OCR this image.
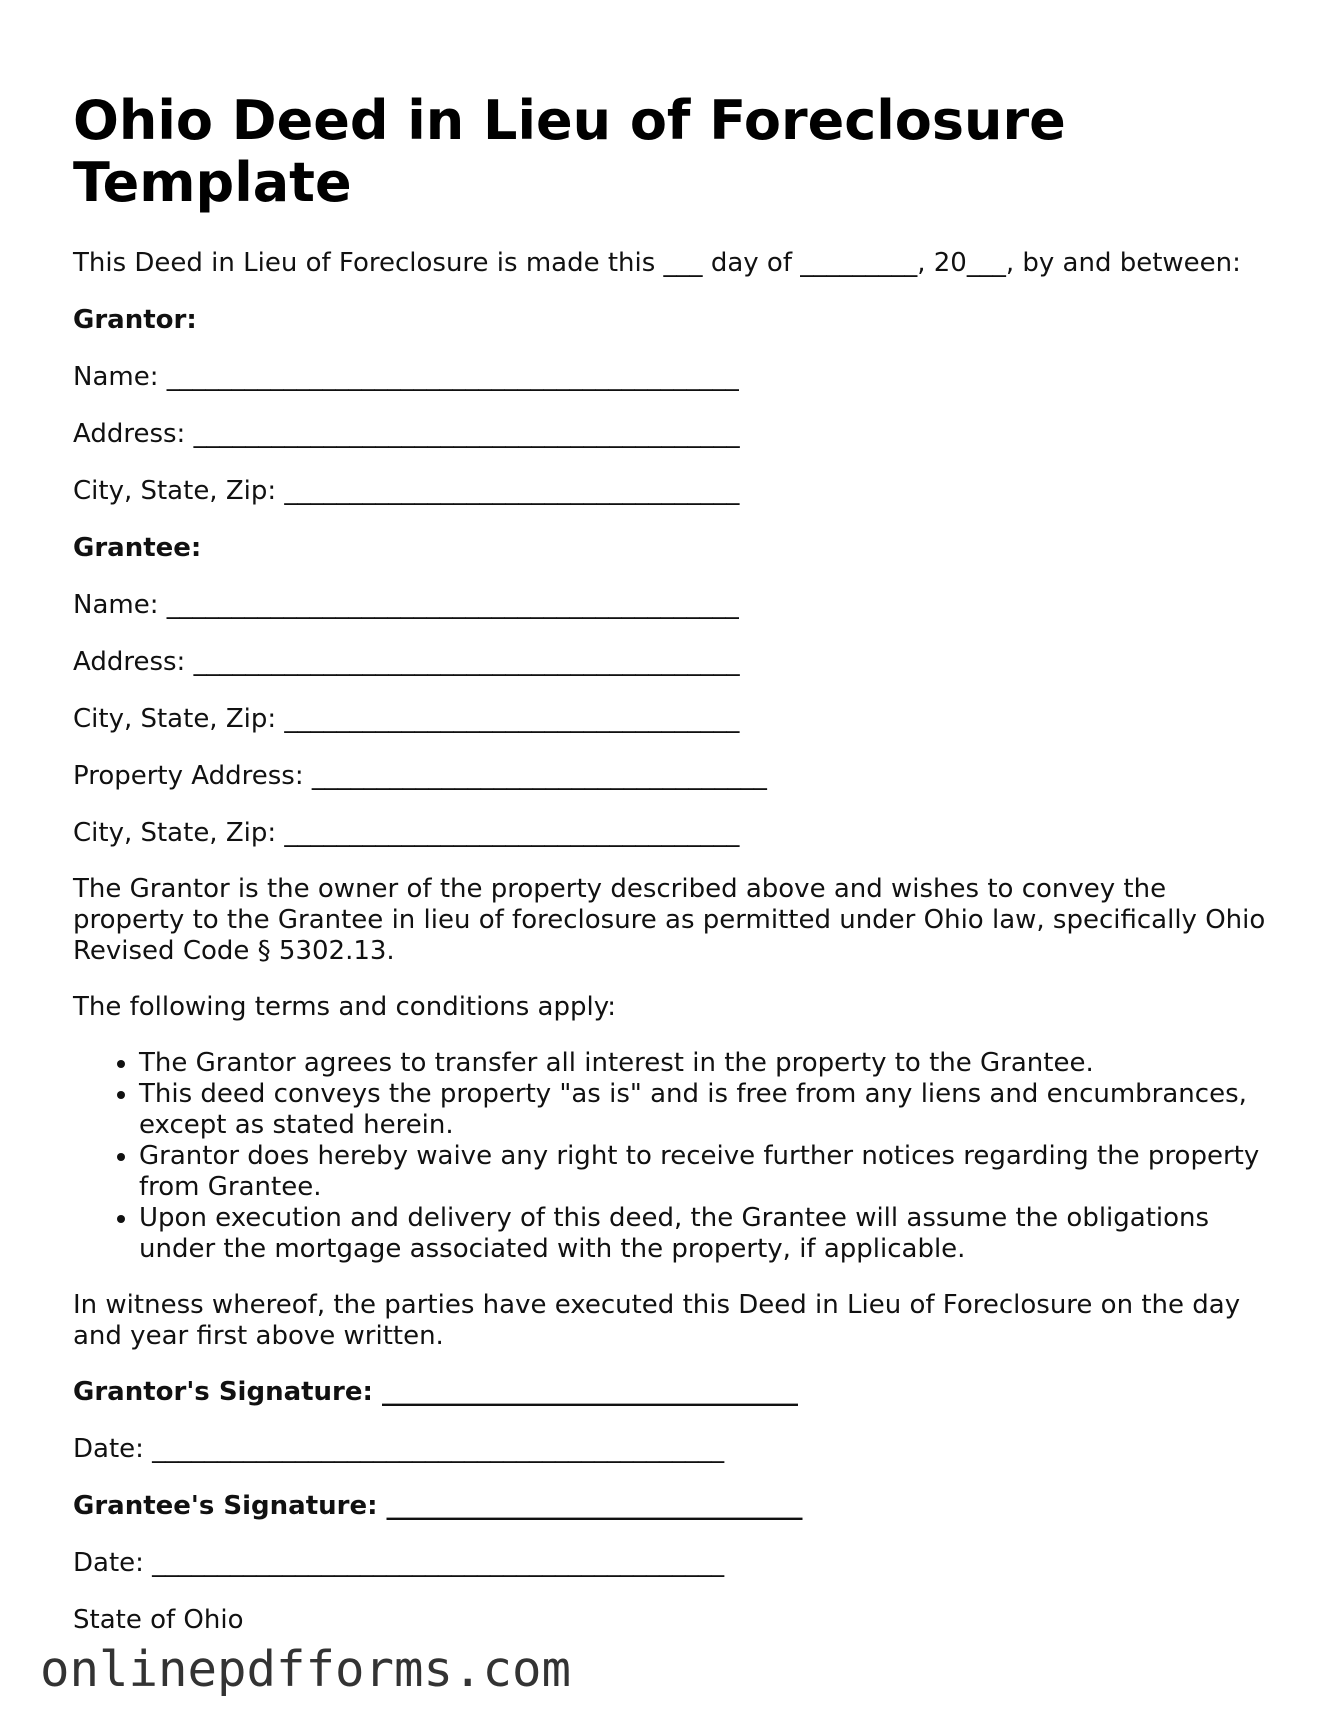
Ohio Deed in Lieu of Foreclosure Template

This Deed in Lieu of Foreclosure is made this ___ day of _________, 20___, by and between:

Grantor:

Name: ____________________________________________

Address: __________________________________________

City, State, Zip: ___________________________________

Grantee:

Name: ____________________________________________

Address: __________________________________________

City, State, Zip: ___________________________________

Property Address: ___________________________________

City, State, Zip: ___________________________________

The Grantor is the owner of the property described above and wishes to convey the property to the Grantee in lieu of foreclosure as permitted under Ohio law, specifically Ohio Revised Code § 5302.13.

The following terms and conditions apply:

• The Grantor agrees to transfer all interest in the property to the Grantee.
• This deed conveys the property "as is" and is free from any liens and encumbrances, except as stated herein.
• Grantor does hereby waive any right to receive further notices regarding the property from Grantee.
• Upon execution and delivery of this deed, the Grantee will assume the obligations under the mortgage associated with the property, if applicable.

In witness whereof, the parties have executed this Deed in Lieu of Foreclosure on the day and year first above written.

Grantor's Signature: ________________________________

Date: ____________________________________________

Grantee's Signature: ________________________________

Date: ____________________________________________

State of Ohio

onlinepdfforms.com
